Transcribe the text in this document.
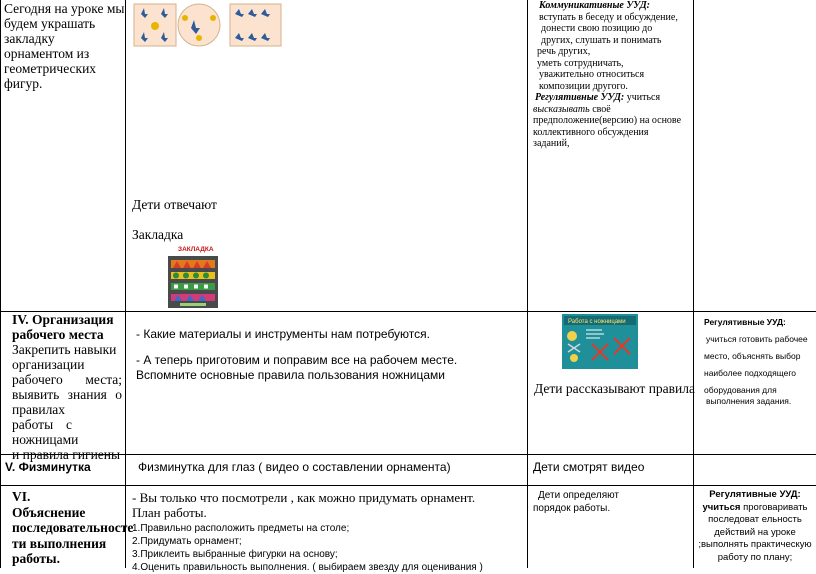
Сегодня на уроке мы
будем украшать
закладку
орнаментом из
геометрических
фигур.
Дети отвечают
Закладка
ЗАКЛАДКА
Коммуникативные УУД:
вступать в беседу и обсуждение,
донести свою позицию до
других, слушать и понимать
речь других,
уметь сотрудничать,
уважительно относиться
композиции другого.
Регулятивные УУД: учиться
высказывать своё
предположение(версию) на основе
коллективного обсуждения
заданий,
IV. Организация
рабочего места
Закрепить навыки
организации
рабочего места;
выявить знания о
правилах
работы с
ножницами
и правила гигиены
- Какие материалы и инструменты нам потребуются.
- А теперь приготовим и поправим все на рабочем месте.
Вспомните основные правила пользования ножницами
Работа с ножницами
Дети рассказывают правила
Регулятивные УУД:
учиться готовить рабочее
место, объяснять выбор
наиболее подходящего
оборудования для
выполнения задания.
V. Физминутка	Физминутка для глаз ( видео о составлении орнамента)	Дети смотрят видео
VI.
Объяснение
последовательносте
ти выполнения
работы.
- Вы только что посмотрели , как можно придумать орнамент.
План работы.
1.Правильно расположить предметы на столе;
2.Придумать орнамент;
3.Приклеить выбранные фигурки на основу;
4.Оценить правильность выполнения. ( выбираем звезду для оценивания )
Дети определяют
порядок работы.
Регулятивные УУД:
учиться проговаривать
последоват ельность
действий на уроке
;выполнять практическую
работу по плану;
